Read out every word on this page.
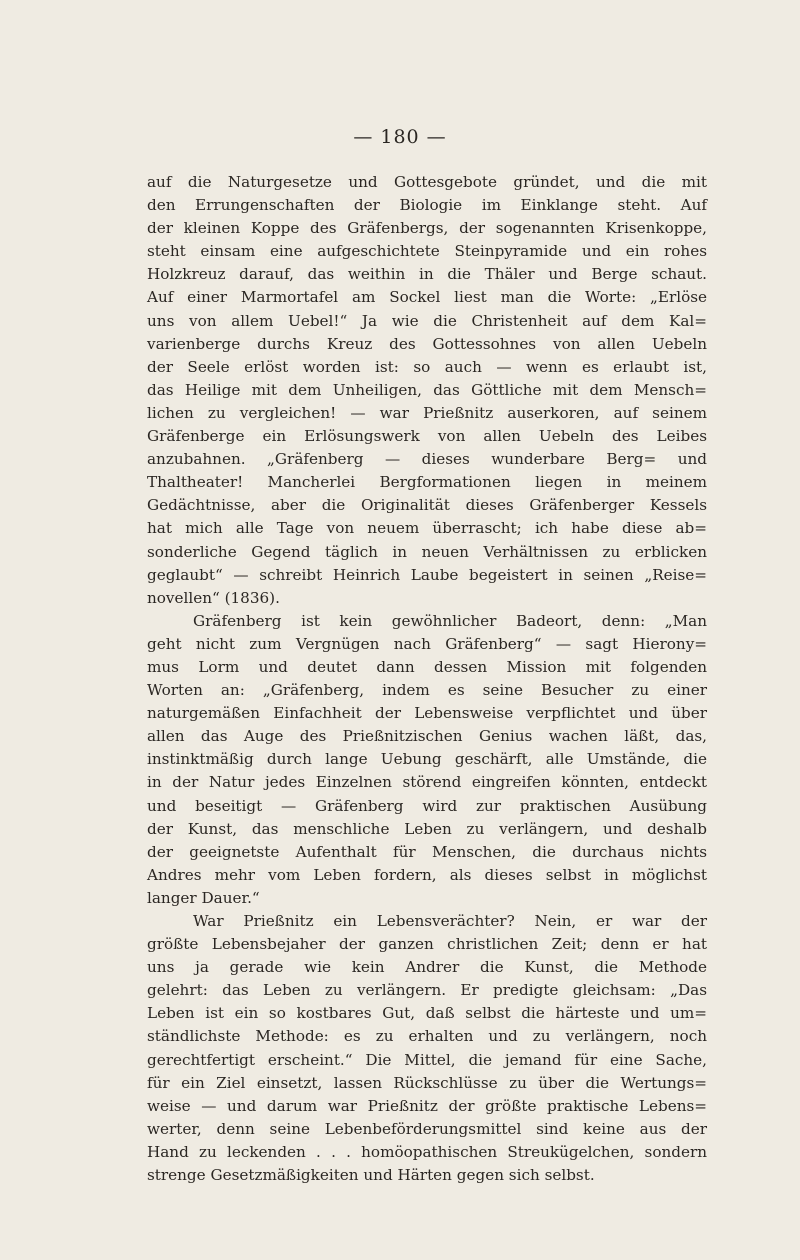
— 180 —
auf die Naturgesetze und Gottesgebote gründet, und die mit
den Errungenschaften der Biologie im Einklange steht. Auf
der kleinen Koppe des Gräfenbergs, der sogenannten Krisenkoppe,
steht einsam eine aufgeschichtete Steinpyramide und ein rohes
Holzkreuz darauf, das weithin in die Thäler und Berge schaut.
Auf einer Marmortafel am Sockel liest man die Worte: „Erlöse
uns von allem Uebel!“ Ja wie die Christenheit auf dem Kal=
varienberge durchs Kreuz des Gottessohnes von allen Uebeln
der Seele erlöst worden ist: so auch — wenn es erlaubt ist,
das Heilige mit dem Unheiligen, das Göttliche mit dem Mensch=
lichen zu vergleichen! — war Prießnitz auserkoren, auf seinem
Gräfenberge ein Erlösungswerk von allen Uebeln des Leibes
anzubahnen. „Gräfenberg — dieses wunderbare Berg= und
Thaltheater! Mancherlei Bergformationen liegen in meinem
Gedächtnisse, aber die Originalität dieses Gräfenberger Kessels
hat mich alle Tage von neuem überrascht; ich habe diese ab=
sonderliche Gegend täglich in neuen Verhältnissen zu erblicken
geglaubt“ — schreibt Heinrich Laube begeistert in seinen „Reise=
novellen“ (1836).
Gräfenberg ist kein gewöhnlicher Badeort, denn: „Man
geht nicht zum Vergnügen nach Gräfenberg“ — sagt Hierony=
mus Lorm und deutet dann dessen Mission mit folgenden
Worten an: „Gräfenberg, indem es seine Besucher zu einer
naturgemäßen Einfachheit der Lebensweise verpflichtet und über
allen das Auge des Prießnitzischen Genius wachen läßt, das,
instinktmäßig durch lange Uebung geschärft, alle Umstände, die
in der Natur jedes Einzelnen störend eingreifen könnten, entdeckt
und beseitigt — Gräfenberg wird zur praktischen Ausübung
der Kunst, das menschliche Leben zu verlängern, und deshalb
der geeignetste Aufenthalt für Menschen, die durchaus nichts
Andres mehr vom Leben fordern, als dieses selbst in möglichst
langer Dauer.“
War Prießnitz ein Lebensverächter? Nein, er war der
größte Lebensbejaher der ganzen christlichen Zeit; denn er hat
uns ja gerade wie kein Andrer die Kunst, die Methode
gelehrt: das Leben zu verlängern. Er predigte gleichsam: „Das
Leben ist ein so kostbares Gut, daß selbst die härteste und um=
ständlichste Methode: es zu erhalten und zu verlängern, noch
gerechtfertigt erscheint.“ Die Mittel, die jemand für eine Sache,
für ein Ziel einsetzt, lassen Rückschlüsse zu über die Wertungs=
weise — und darum war Prießnitz der größte praktische Lebens=
werter, denn seine Lebenbeförderungsmittel sind keine aus der
Hand zu leckenden . . . homöopathischen Streukügelchen, sondern
strenge Gesetzmäßigkeiten und Härten gegen sich selbst.
